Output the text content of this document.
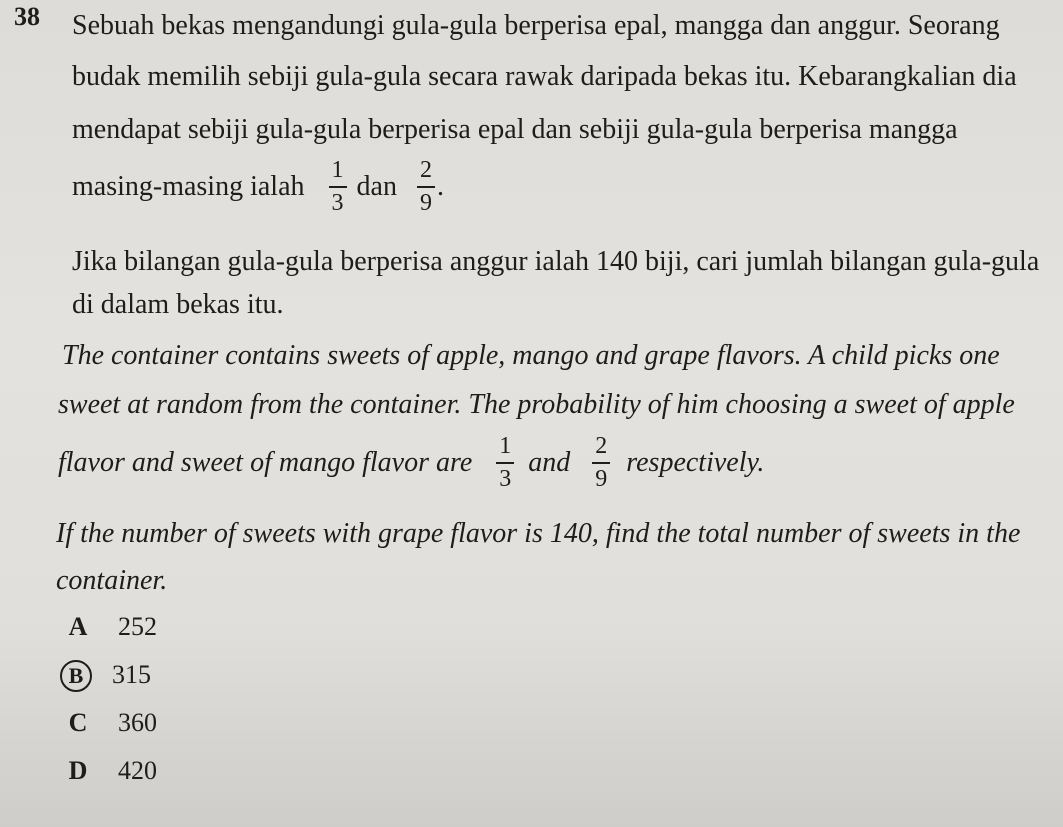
38 Sebuah bekas mengandungi gula-gula berperisa epal, mangga dan anggur. Seorang
budak memilih sebiji gula-gula secara rawak daripada bekas itu. Kebarangkalian dia
mendapat sebiji gula-gula berperisa epal dan sebiji gula-gula berperisa mangga
masing-masing ialah $\frac{1}{3}$ dan $\frac{2}{9}$ .
Jika bilangan gula-gula berperisa anggur ialah 140 biji, cari jumlah bilangan gula-gula
di dalam bekas itu.
The container contains sweets of apple, mango and grape flavors. A child picks one
sweet at random from the container. The probability of him choosing a sweet of apple
flavor and sweet of mango flavor are $\frac{1}{3}$ and $\frac{2}{9}$ respectively.
If the number of sweets with grape flavor is 140, find the total number of sweets in the
container.
A 252
B 315
C 360
D 420
